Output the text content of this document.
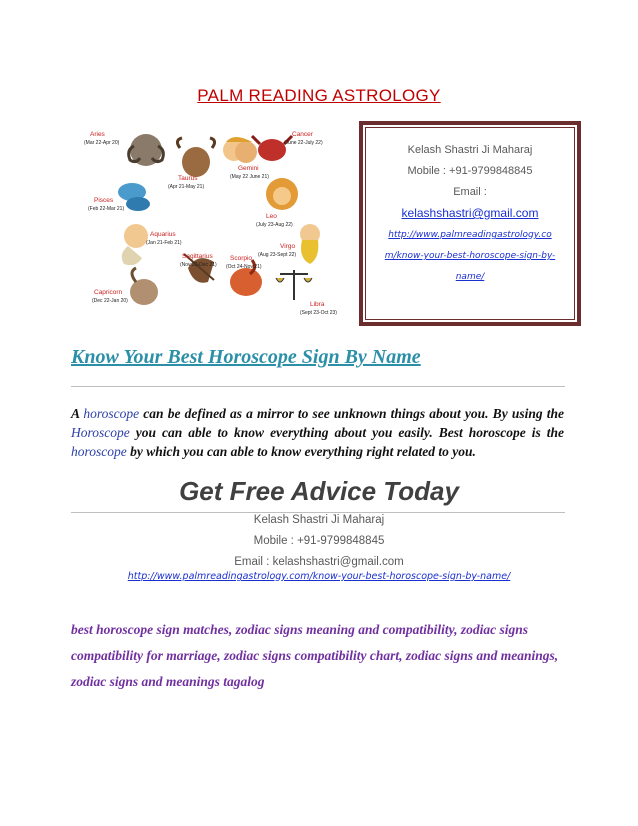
PALM READING ASTROLOGY
Aries
(Mar 22-Apr 20)
Taurus
(Apr 21-May 21)
Gemini
(May 22 June 21)
Cancer
(June 22-July 22)
Pisces
(Feb 22-Mar 21)
Leo
(July 23-Aug 22)
Aquarius
(Jan 21-Feb 21)	Virgo
(Aug 23-Sept 22)
Sagittarius
(Nov 22-Dec 21)
Scorpio
(Oct 24-Nov 21)
Capricorn
(Dec 22-Jan 20)	Libra
(Sept 23-Oct 23)
Kelash Shastri Ji Maharaj
Mobile : +91-9799848845
Email :
kelashshastri@gmail.com
http://www.palmreadingastrology.co
m/know-your-best-horoscope-sign-by-
name/
Know Your Best Horoscope Sign By Name
A horoscope can be defined as a mirror to see unknown things about you. By using the Horoscope you can able to know everything about you easily. Best horoscope is the horoscope by which you can able to know everything right related to you.
Get Free Advice Today
Kelash Shastri Ji Maharaj
Mobile : +91-9799848845
Email : kelashshastri@gmail.com
http://www.palmreadingastrology.com/know-your-best-horoscope-sign-by-name/
best horoscope sign matches, zodiac signs meaning and compatibility, zodiac signs compatibility for marriage, zodiac signs compatibility chart, zodiac signs and meanings, zodiac signs and meanings tagalog
